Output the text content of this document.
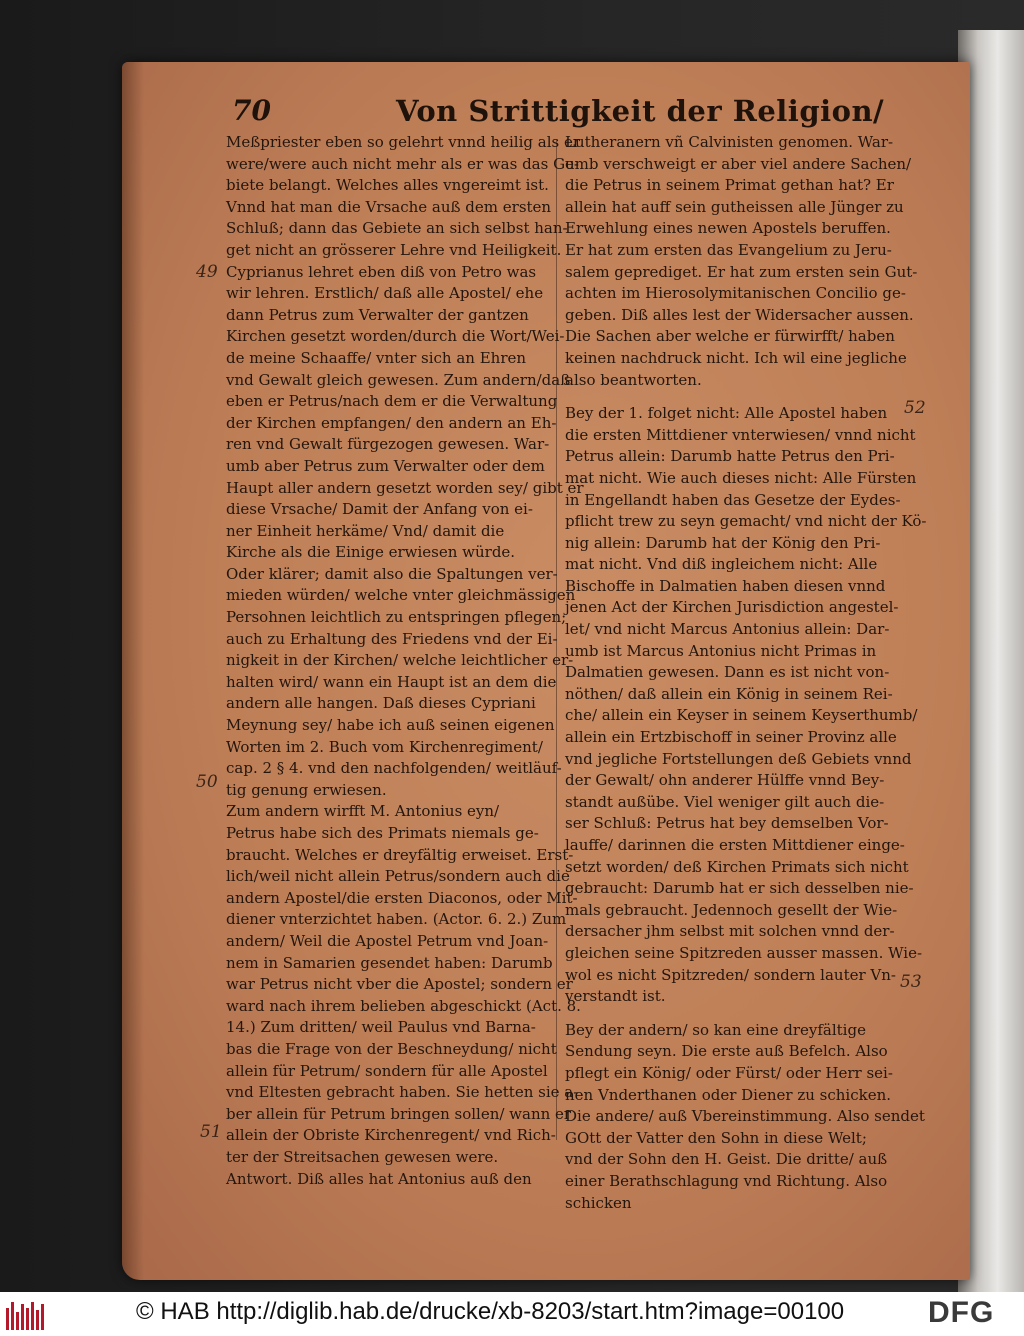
70	Von Strittigkeit der Religion/
49
50
51
52
53
Meßpriester eben so gelehrt vnnd heilig als er
were/were auch nicht mehr als er was das Ge-
biete belangt. Welches alles vngereimt ist.
Vnnd hat man die Vrsache auß dem ersten
Schluß; dann das Gebiete an sich selbst han-
get nicht an grösserer Lehre vnd Heiligkeit.
Cyprianus lehret eben diß von Petro was
wir lehren. Erstlich/ daß alle Apostel/ ehe
dann Petrus zum Verwalter der gantzen
Kirchen gesetzt worden/durch die Wort/Wei-
de meine Schaaffe/ vnter sich an Ehren
vnd Gewalt gleich gewesen. Zum andern/daß
eben er Petrus/nach dem er die Verwaltung
der Kirchen empfangen/ den andern an Eh-
ren vnd Gewalt fürgezogen gewesen. War-
umb aber Petrus zum Verwalter oder dem
Haupt aller andern gesetzt worden sey/ gibt er
diese Vrsache/ Damit der Anfang von ei-
ner Einheit herkäme/ Vnd/ damit die
Kirche als die Einige erwiesen würde.
Oder klärer; damit also die Spaltungen ver-
mieden würden/ welche vnter gleichmässigen
Persohnen leichtlich zu entspringen pflegen;
auch zu Erhaltung des Friedens vnd der Ei-
nigkeit in der Kirchen/ welche leichtlicher er-
halten wird/ wann ein Haupt ist an dem die
andern alle hangen. Daß dieses Cypriani
Meynung sey/ habe ich auß seinen eigenen
Worten im 2. Buch vom Kirchenregiment/
cap. 2 § 4. vnd den nachfolgenden/ weitläuf-
tig genung erwiesen.
Zum andern wirfft M. Antonius eyn/
Petrus habe sich des Primats niemals ge-
braucht. Welches er dreyfältig erweiset. Erst-
lich/weil nicht allein Petrus/sondern auch die
andern Apostel/die ersten Diaconos, oder Mit-
diener vnterzichtet haben. (Actor. 6. 2.) Zum
andern/ Weil die Apostel Petrum vnd Joan-
nem in Samarien gesendet haben: Darumb
war Petrus nicht vber die Apostel; sondern er
ward nach ihrem belieben abgeschickt (Act. 8.
14.) Zum dritten/ weil Paulus vnd Barna-
bas die Frage von der Beschneydung/ nicht
allein für Petrum/ sondern für alle Apostel
vnd Eltesten gebracht haben. Sie hetten sie a-
ber allein für Petrum bringen sollen/ wann er
allein der Obriste Kirchenregent/ vnd Rich-
ter der Streitsachen gewesen were.
Antwort. Diß alles hat Antonius auß den
Lutheranern vñ Calvinisten genomen. War-
umb verschweigt er aber viel andere Sachen/
die Petrus in seinem Primat gethan hat? Er
allein hat auff sein gutheissen alle Jünger zu
Erwehlung eines newen Apostels beruffen.
Er hat zum ersten das Evangelium zu Jeru-
salem geprediget. Er hat zum ersten sein Gut-
achten im Hierosolymitanischen Concilio ge-
geben. Diß alles lest der Widersacher aussen.
Die Sachen aber welche er fürwirfft/ haben
keinen nachdruck nicht. Ich wil eine jegliche
also beantworten.
Bey der 1. folget nicht: Alle Apostel haben
die ersten Mittdiener vnterwiesen/ vnnd nicht
Petrus allein: Darumb hatte Petrus den Pri-
mat nicht. Wie auch dieses nicht: Alle Fürsten
in Engellandt haben das Gesetze der Eydes-
pflicht trew zu seyn gemacht/ vnd nicht der Kö-
nig allein: Darumb hat der König den Pri-
mat nicht. Vnd diß ingleichem nicht: Alle
Bischoffe in Dalmatien haben diesen vnnd
jenen Act der Kirchen Jurisdiction angestel-
let/ vnd nicht Marcus Antonius allein: Dar-
umb ist Marcus Antonius nicht Primas in
Dalmatien gewesen. Dann es ist nicht von-
nöthen/ daß allein ein König in seinem Rei-
che/ allein ein Keyser in seinem Keyserthumb/
allein ein Ertzbischoff in seiner Provinz alle
vnd jegliche Fortstellungen deß Gebiets vnnd
der Gewalt/ ohn anderer Hülffe vnnd Bey-
standt außübe. Viel weniger gilt auch die-
ser Schluß: Petrus hat bey demselben Vor-
lauffe/ darinnen die ersten Mittdiener einge-
setzt worden/ deß Kirchen Primats sich nicht
gebraucht: Darumb hat er sich desselben nie-
mals gebraucht. Jedennoch gesellt der Wie-
dersacher jhm selbst mit solchen vnnd der-
gleichen seine Spitzreden ausser massen. Wie-
wol es nicht Spitzreden/ sondern lauter Vn-
verstandt ist.
Bey der andern/ so kan eine dreyfältige
Sendung seyn. Die erste auß Befelch. Also
pflegt ein König/ oder Fürst/ oder Herr sei-
nen Vnderthanen oder Diener zu schicken.
Die andere/ auß Vbereinstimmung. Also sendet
GOtt der Vatter den Sohn in diese Welt;
vnd der Sohn den H. Geist. Die dritte/ auß
einer Berathschlagung vnd Richtung. Also
schicken
© HAB http://diglib.hab.de/drucke/xb-8203/start.htm?image=00100	DFG
